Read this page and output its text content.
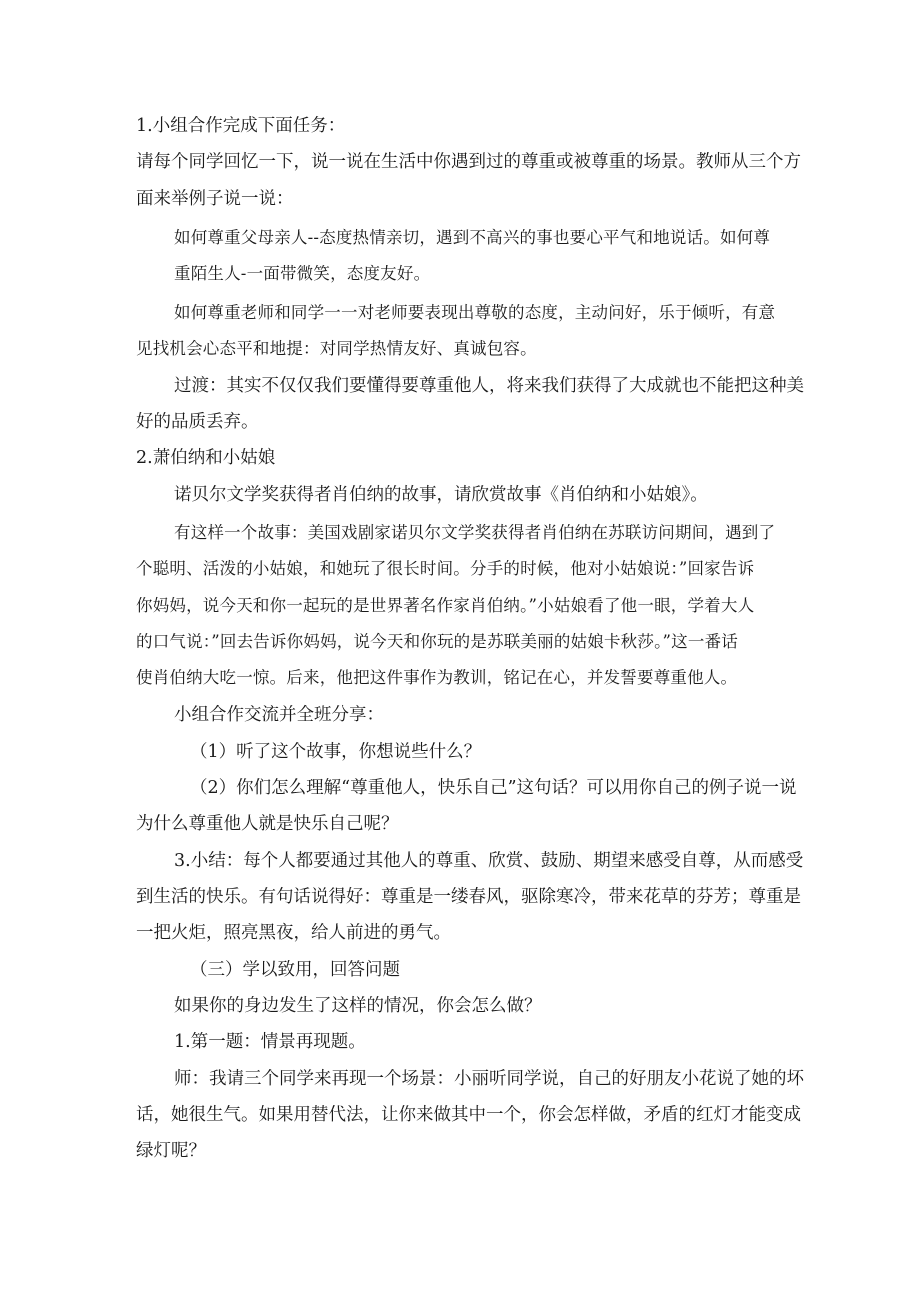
1.小组合作完成下面任务：
请每个同学回忆一下，说一说在生活中你遇到过的尊重或被尊重的场景。教师从三个方
面来举例子说一说：
如何尊重父母亲人--态度热情亲切，遇到不高兴的事也要心平气和地说话。如何尊
重陌生人-一面带微笑，态度友好。
如何尊重老师和同学一一对老师要表现出尊敬的态度，主动问好，乐于倾听，有意
见找机会心态平和地提：对同学热情友好、真诚包容。
过渡：其实不仅仅我们要懂得要尊重他人，将来我们获得了大成就也不能把这种美
好的品质丢弃。
2.萧伯纳和小姑娘
诺贝尔文学奖获得者肖伯纳的故事，请欣赏故事《肖伯纳和小姑娘》。
有这样一个故事：美国戏剧家诺贝尔文学奖获得者肖伯纳在苏联访问期间，遇到了
个聪明、活泼的小姑娘，和她玩了很长时间。分手的时候，他对小姑娘说：”回家告诉
你妈妈，说今天和你一起玩的是世界著名作家肖伯纳。”小姑娘看了他一眼，学着大人
的口气说：”回去告诉你妈妈，说今天和你玩的是苏联美丽的姑娘卡秋莎。”这一番话
使肖伯纳大吃一惊。后来，他把这件事作为教训，铭记在心，并发誓要尊重他人。
小组合作交流并全班分享：
（1）听了这个故事，你想说些什么？
（2）你们怎么理解“尊重他人，快乐自己”这句话？可以用你自己的例子说一说
为什么尊重他人就是快乐自己呢？
3.小结：每个人都要通过其他人的尊重、欣赏、鼓励、期望来感受自尊，从而感受
到生活的快乐。有句话说得好：尊重是一缕春风，驱除寒冷，带来花草的芬芳；尊重是
一把火炬，照亮黑夜，给人前进的勇气。
（三）学以致用，回答问题
如果你的身边发生了这样的情况，你会怎么做？
1.第一题：情景再现题。
师：我请三个同学来再现一个场景：小丽听同学说，自己的好朋友小花说了她的坏
话，她很生气。如果用替代法，让你来做其中一个，你会怎样做，矛盾的红灯才能变成
绿灯呢？
